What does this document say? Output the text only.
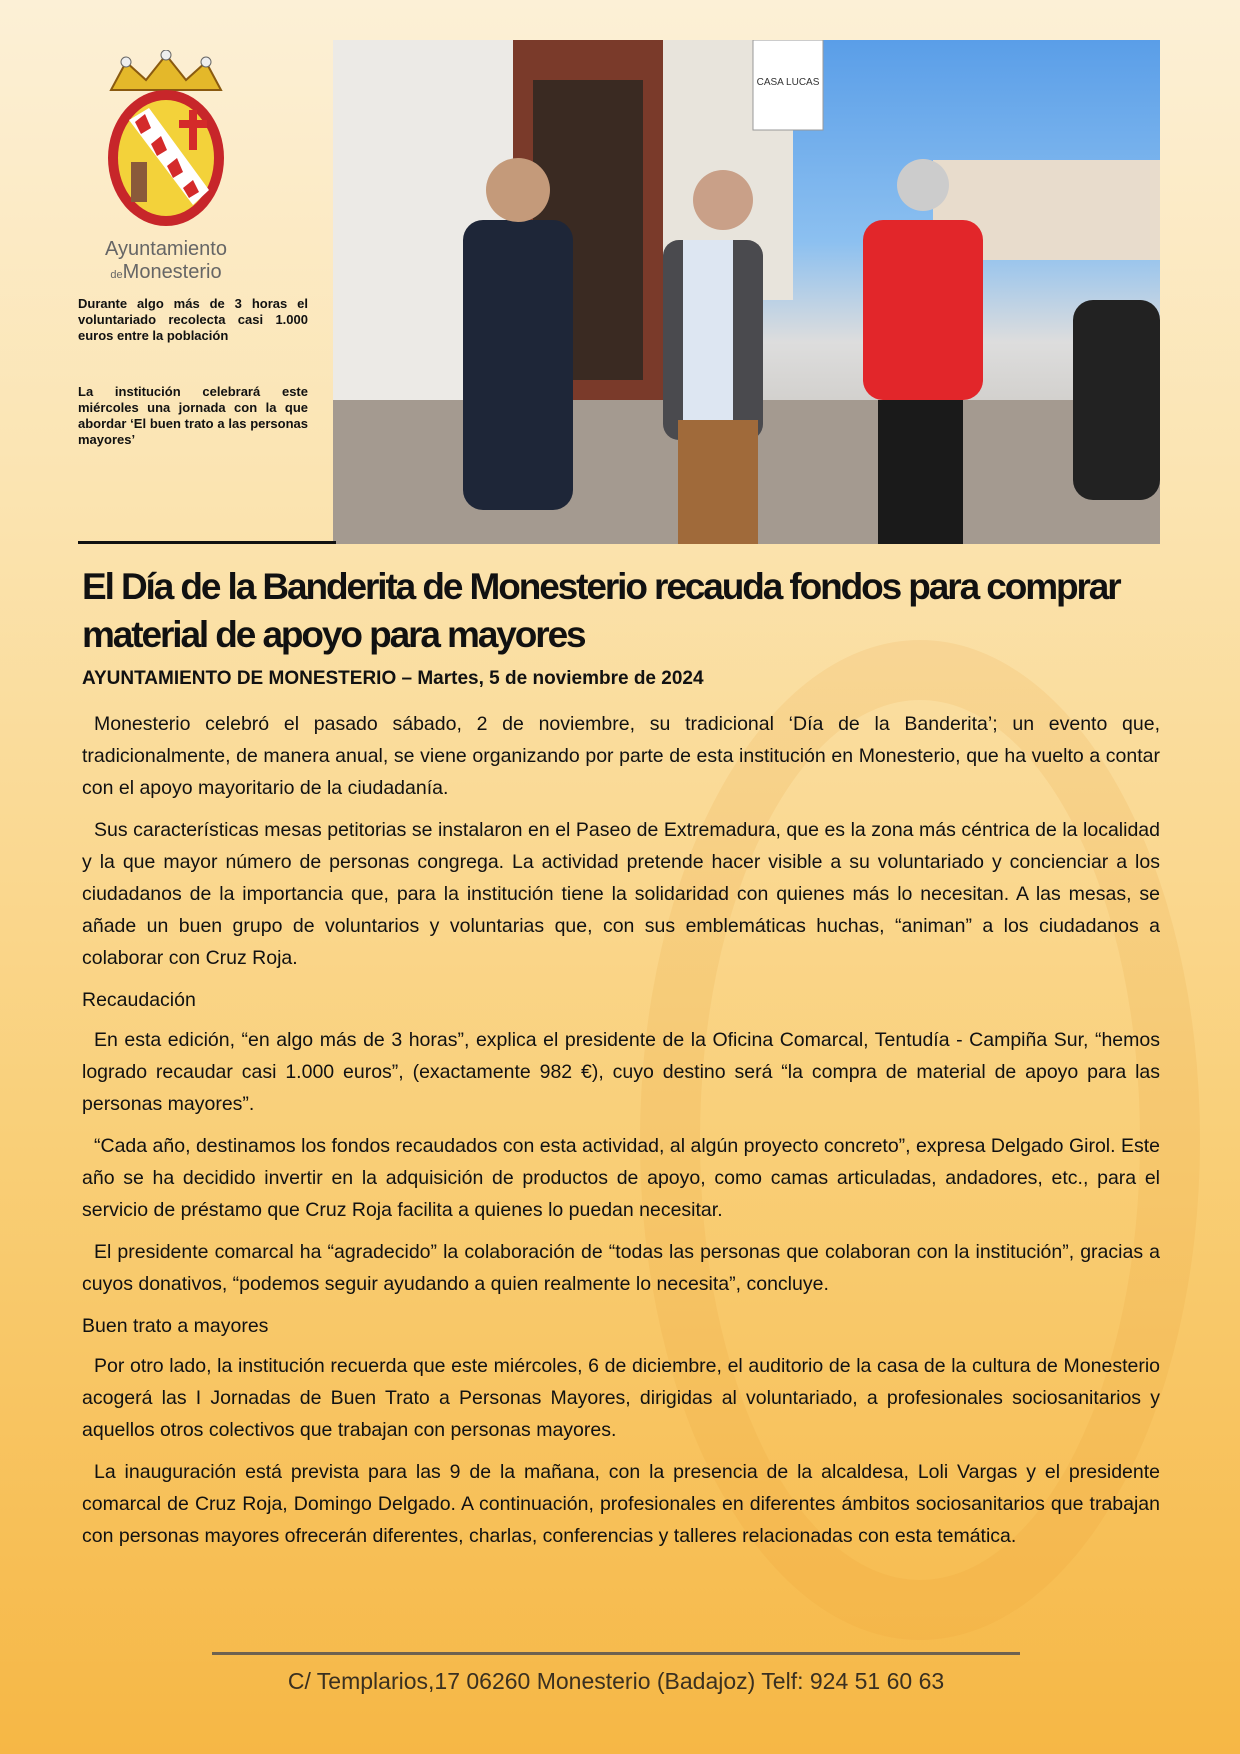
Ayuntamiento
deMonesterio
Durante algo más de 3 horas el voluntariado recolecta casi 1.000 euros entre la población
La institución celebrará este miércoles una jornada con la que abordar ‘El buen trato a las personas mayores’
CASA LUCAS
El Día de la Banderita de Monesterio recauda fondos para comprar material de apoyo para mayores
AYUNTAMIENTO DE MONESTERIO – Martes, 5 de noviembre de 2024

Monesterio celebró el pasado sábado, 2 de noviembre, su tradicional ‘Día de la Banderita’; un evento que, tradicionalmente, de manera anual, se viene organizando por parte de esta institución en Monesterio, que ha vuelto a contar con el apoyo mayoritario de la ciudadanía.

Sus características mesas petitorias se instalaron en el Paseo de Extremadura, que es la zona más céntrica de la localidad y la que mayor número de personas congrega. La actividad pretende hacer visible a su voluntariado y concienciar a los ciudadanos de la importancia que, para la institución tiene la solidaridad con quienes más lo necesitan. A las mesas, se añade un buen grupo de voluntarios y voluntarias que, con sus emblemáticas huchas, “animan” a los ciudadanos a colaborar con Cruz Roja.

Recaudación

En esta edición, “en algo más de 3 horas”, explica el presidente de la Oficina Comarcal, Tentudía - Campiña Sur, “hemos logrado recaudar casi 1.000 euros”, (exactamente 982 €), cuyo destino será “la compra de material de apoyo para las personas mayores”.

“Cada año, destinamos los fondos recaudados con esta actividad, al algún proyecto concreto”, expresa Delgado Girol. Este año se ha decidido invertir en la adquisición de productos de apoyo, como camas articuladas, andadores, etc., para el servicio de préstamo que Cruz Roja facilita a quienes lo puedan necesitar.

El presidente comarcal ha “agradecido” la colaboración de “todas las personas que colaboran con la institución”, gracias a cuyos donativos, “podemos seguir ayudando a quien realmente lo necesita”, concluye.

Buen trato a mayores

Por otro lado, la institución recuerda que este miércoles, 6 de diciembre, el auditorio de la casa de la cultura de Monesterio acogerá las I Jornadas de Buen Trato a Personas Mayores, dirigidas al voluntariado, a profesionales sociosanitarios y aquellos otros colectivos que trabajan con personas mayores.

La inauguración está prevista para las 9 de la mañana, con la presencia de la alcaldesa, Loli Vargas y el presidente comarcal de Cruz Roja, Domingo Delgado. A continuación, profesionales en diferentes ámbitos sociosanitarios que trabajan con personas mayores ofrecerán diferentes, charlas, conferencias y talleres relacionadas con esta temática.

C/ Templarios,17 06260 Monesterio (Badajoz) Telf: 924 51 60 63
